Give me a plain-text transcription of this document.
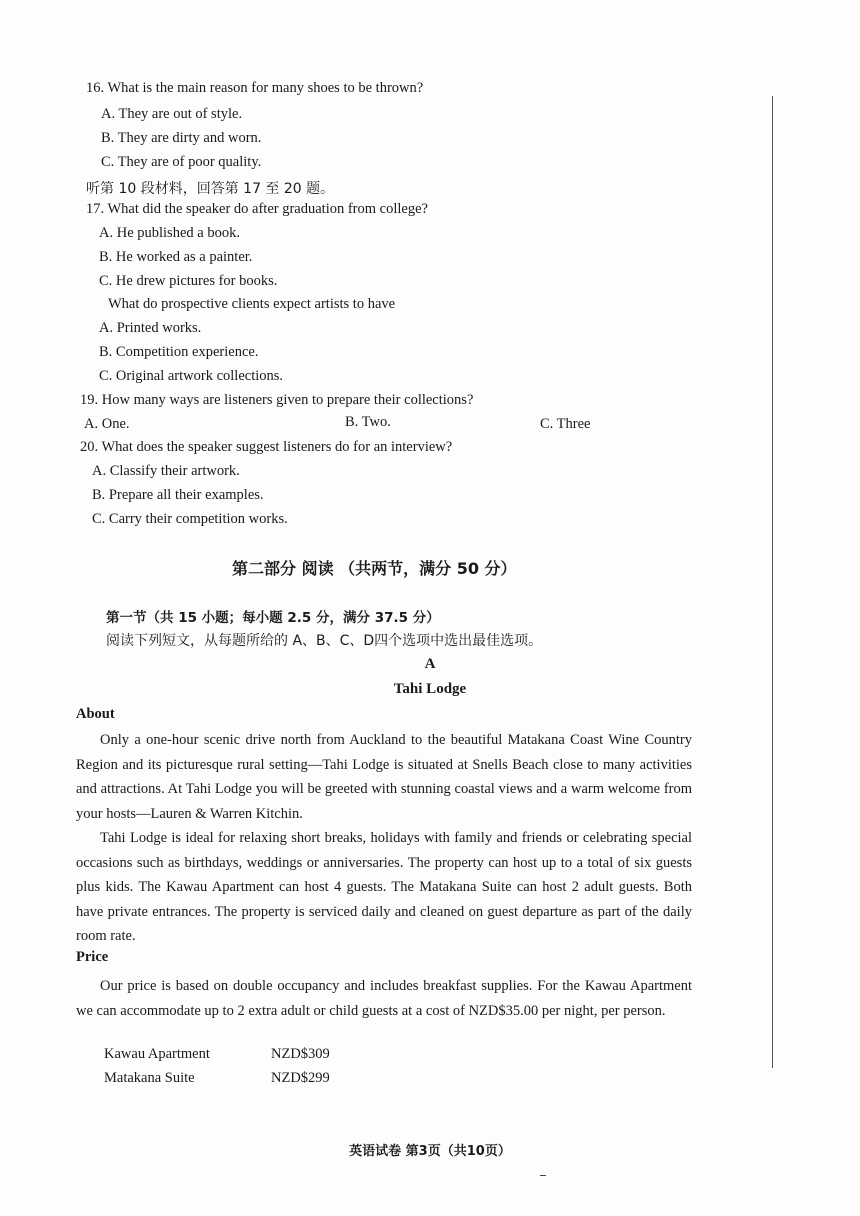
16. What is the main reason for many shoes to be thrown?
A. They are out of style.
B. They are dirty and worn.
C. They are of poor quality.
听第 10 段材料，回答第 17 至 20 题。
17. What did the speaker do after graduation from college?
A. He published a book.
B. He worked as a painter.
C. He drew pictures for books.
What do prospective clients expect artists to have
A. Printed works.
B. Competition experience.
C. Original artwork collections.
19. How many ways are listeners given to prepare their collections?
A. One.	B. Two.	C. Three
20. What does the speaker suggest listeners do for an interview?
A. Classify their artwork.
B. Prepare all their examples.
C. Carry their competition works.
第二部分 阅读 （共两节，满分 50 分）
第一节（共 15 小题；每小题 2.5 分，满分 37.5 分）
阅读下列短文，从每题所给的 A、B、C、D四个选项中选出最佳选项。
A
Tahi Lodge
About
Only a one-hour scenic drive north from Auckland to the beautiful Matakana Coast Wine Country Region and its picturesque rural setting—Tahi Lodge is situated at Snells Beach close to many activities and attractions. At Tahi Lodge you will be greeted with stunning coastal views and a warm welcome from your hosts—Lauren & Warren Kitchin.
Tahi Lodge is ideal for relaxing short breaks, holidays with family and friends or celebrating special occasions such as birthdays, weddings or anniversaries. The property can host up to a total of six guests plus kids. The Kawau Apartment can host 4 guests. The Matakana Suite can host 2 adult guests. Both have private entrances. The property is serviced daily and cleaned on guest departure as part of the daily room rate.
Price
Our price is based on double occupancy and includes breakfast supplies. For the Kawau Apartment we can accommodate up to 2 extra adult or child guests at a cost of NZD$35.00 per night, per person.
Kawau Apartment	NZD$309
Matakana Suite	NZD$299
英语试卷 第3页（共10页）
